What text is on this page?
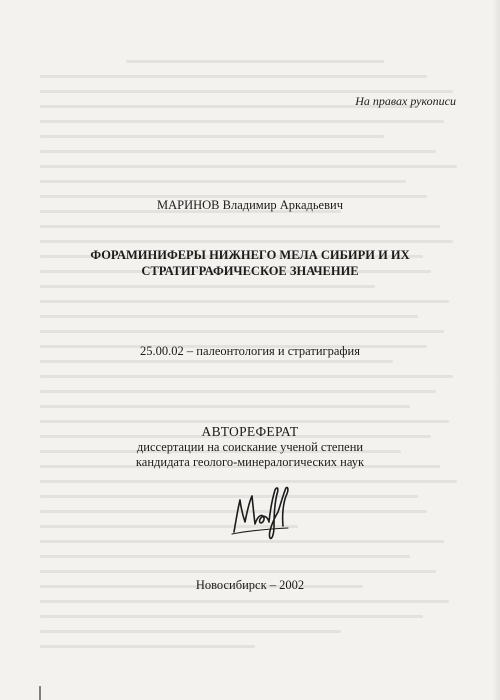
На правах рукописи
МАРИНОВ Владимир Аркадьевич
ФОРАМИНИФЕРЫ НИЖНЕГО МЕЛА СИБИРИ И ИХ
СТРАТИГРАФИЧЕСКОЕ ЗНАЧЕНИЕ
25.00.02 – палеонтология и стратиграфия
АВТОРЕФЕРАТ
диссертации на соискание ученой степени
кандидата геолого-минералогических наук
Новосибирск – 2002
